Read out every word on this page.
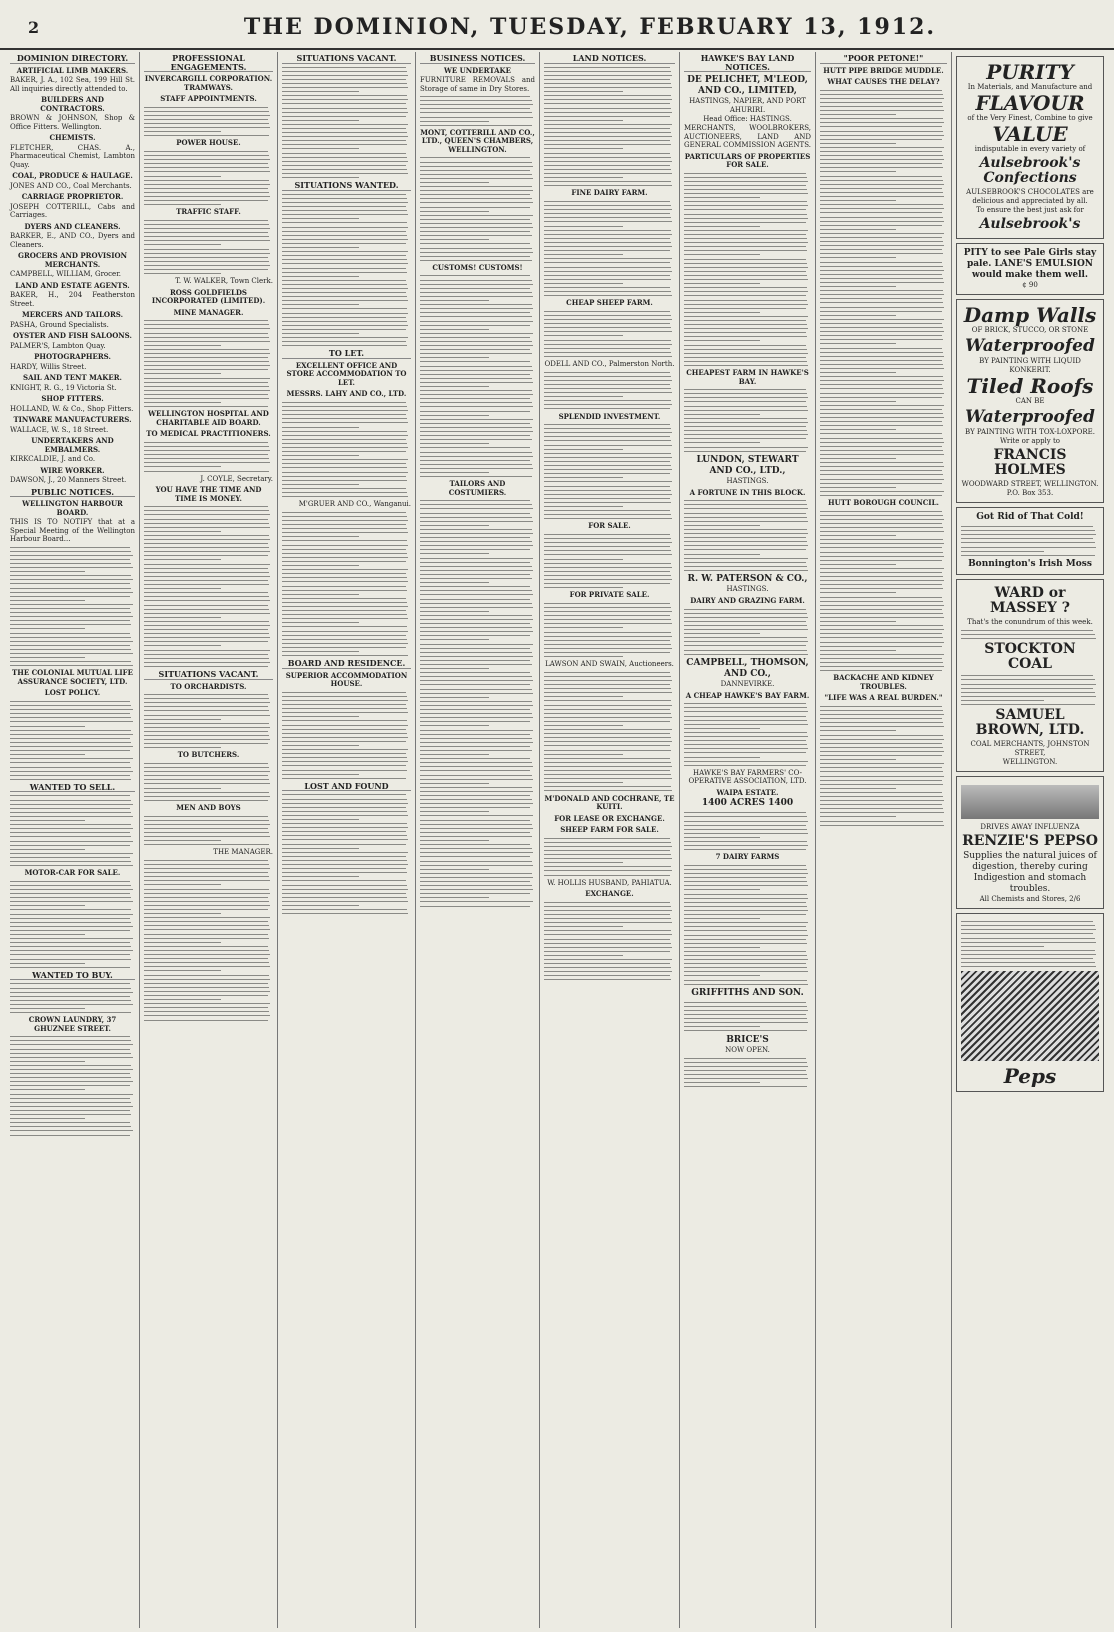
2	THE DOMINION, TUESDAY, FEBRUARY 13, 1912.
DOMINION DIRECTORY.
ARTIFICIAL LIMB MAKERS.
BAKER, J. A., 102 Sea, 199 Hill St. All inquiries directly attended to.
BUILDERS AND CONTRACTORS.
BROWN & JOHNSON, Shop & Office Fitters. Wellington.
CHEMISTS.
FLETCHER, CHAS. A., Pharmaceutical Chemist, Lambton Quay.
COAL, PRODUCE & HAULAGE.
JONES AND CO., Coal Merchants.
CARRIAGE PROPRIETOR.
JOSEPH COTTERILL, Cabs and Carriages.
DYERS AND CLEANERS.
BARKER, E., AND CO., Dyers and Cleaners.
GROCERS AND PROVISION MERCHANTS.
CAMPBELL, WILLIAM, Grocer.
LAND AND ESTATE AGENTS.
BAKER, H., 204 Featherston Street.
MERCERS AND TAILORS.
PASHA, Ground Specialists.
OYSTER AND FISH SALOONS.
PALMER'S, Lambton Quay.
PHOTOGRAPHERS.
HARDY, Willis Street.
SAIL AND TENT MAKER.
KNIGHT, R. G., 19 Victoria St.
SHOP FITTERS.
HOLLAND, W. & Co., Shop Fitters.
TINWARE MANUFACTURERS.
WALLACE, W. S., 18 Street.
UNDERTAKERS AND EMBALMERS.
KIRKCALDIE, J. and Co.
WIRE WORKER.
DAWSON, J., 20 Manners Street.
PUBLIC NOTICES.
WELLINGTON HARBOUR BOARD.
THIS IS TO NOTIFY that at a Special Meeting of the Wellington Harbour Board...
THE COLONIAL MUTUAL LIFE ASSURANCE SOCIETY, LTD.
LOST POLICY.
WANTED TO SELL.
MOTOR-CAR FOR SALE.
WANTED TO BUY.
CROWN LAUNDRY, 37 GHUZNEE STREET.
PROFESSIONAL ENGAGEMENTS.
INVERCARGILL CORPORATION. TRAMWAYS.
STAFF APPOINTMENTS.
POWER HOUSE.
TRAFFIC STAFF.
T. W. WALKER, Town Clerk.
ROSS GOLDFIELDS INCORPORATED (LIMITED).
MINE MANAGER.
WELLINGTON HOSPITAL AND CHARITABLE AID BOARD.
TO MEDICAL PRACTITIONERS.
J. COYLE, Secretary.
YOU HAVE THE TIME AND TIME IS MONEY.
SITUATIONS VACANT.
TO ORCHARDISTS.
TO BUTCHERS.
MEN AND BOYS
THE MANAGER.
SITUATIONS VACANT.
SITUATIONS WANTED.
TO LET.
EXCELLENT OFFICE AND STORE ACCOMMODATION TO LET.
MESSRS. LAHY AND CO., LTD.
M'GRUER AND CO., Wanganui.
BOARD AND RESIDENCE.
SUPERIOR ACCOMMODATION HOUSE.
LOST AND FOUND
BUSINESS NOTICES.
WE UNDERTAKE
FURNITURE REMOVALS and Storage of same in Dry Stores.
MONT, COTTERILL AND CO., LTD., QUEEN'S CHAMBERS, WELLINGTON.
CUSTOMS! CUSTOMS!
TAILORS AND COSTUMIERS.
LAND NOTICES.
FINE DAIRY FARM.
CHEAP SHEEP FARM.
ODELL AND CO., Palmerston North.
SPLENDID INVESTMENT.
FOR SALE.
FOR PRIVATE SALE.
LAWSON AND SWAIN, Auctioneers.
M'DONALD AND COCHRANE, TE KUITI.
FOR LEASE OR EXCHANGE.
SHEEP FARM FOR SALE.
W. HOLLIS HUSBAND, PAHIATUA.
EXCHANGE.
HAWKE'S BAY LAND NOTICES.
DE PELICHET, M'LEOD, AND CO., LIMITED,
HASTINGS, NAPIER, AND PORT AHURIRI.
Head Office: HASTINGS.
MERCHANTS, WOOLBROKERS, AUCTIONEERS, LAND AND GENERAL COMMISSION AGENTS.
PARTICULARS OF PROPERTIES FOR SALE.
CHEAPEST FARM IN HAWKE'S BAY.
LUNDON, STEWART AND CO., LTD.,
HASTINGS.
A FORTUNE IN THIS BLOCK.
R. W. PATERSON & CO.,
HASTINGS.
DAIRY AND GRAZING FARM.
CAMPBELL, THOMSON, AND CO.,
DANNEVIRKE.
A CHEAP HAWKE'S BAY FARM.
HAWKE'S BAY FARMERS' CO-OPERATIVE ASSOCIATION, LTD.
WAIPA ESTATE.
1400 ACRES 1400
7 DAIRY FARMS
GRIFFITHS AND SON.
BRICE'S
NOW OPEN.
"POOR PETONE!"
HUTT PIPE BRIDGE MUDDLE.
WHAT CAUSES THE DELAY?
HUTT BOROUGH COUNCIL.
BACKACHE AND KIDNEY TROUBLES.
"LIFE WAS A REAL BURDEN."
PURITY
In Materials, and Manufacture and
FLAVOUR
of the Very Finest, Combine to give
VALUE
indisputable in every variety of
Aulsebrook's Confections
AULSEBROOK'S CHOCOLATES are delicious and appreciated by all.
To ensure the best just ask for
Aulsebrook's
PITY to see Pale Girls stay pale. LANE'S EMULSION would make them well.
¢ 90
Damp Walls
OF BRICK, STUCCO, OR STONE
Waterproofed
BY PAINTING WITH LIQUID KONKERIT.
Tiled Roofs
CAN BE
Waterproofed
BY PAINTING WITH TOX-LOXPORE.
Write or apply to
FRANCIS HOLMES
WOODWARD STREET, WELLINGTON.
P.O. Box 353.
Got Rid of That Cold!
Bonnington's Irish Moss
WARD or MASSEY ?
That's the conundrum of this week.
STOCKTON COAL
SAMUEL BROWN, LTD.
COAL MERCHANTS, JOHNSTON STREET,
WELLINGTON.
DRIVES AWAY INFLUENZA
RENZIE'S PEPSO
Supplies the natural juices of digestion, thereby curing Indigestion and stomach troubles.
All Chemists and Stores, 2/6
Peps
